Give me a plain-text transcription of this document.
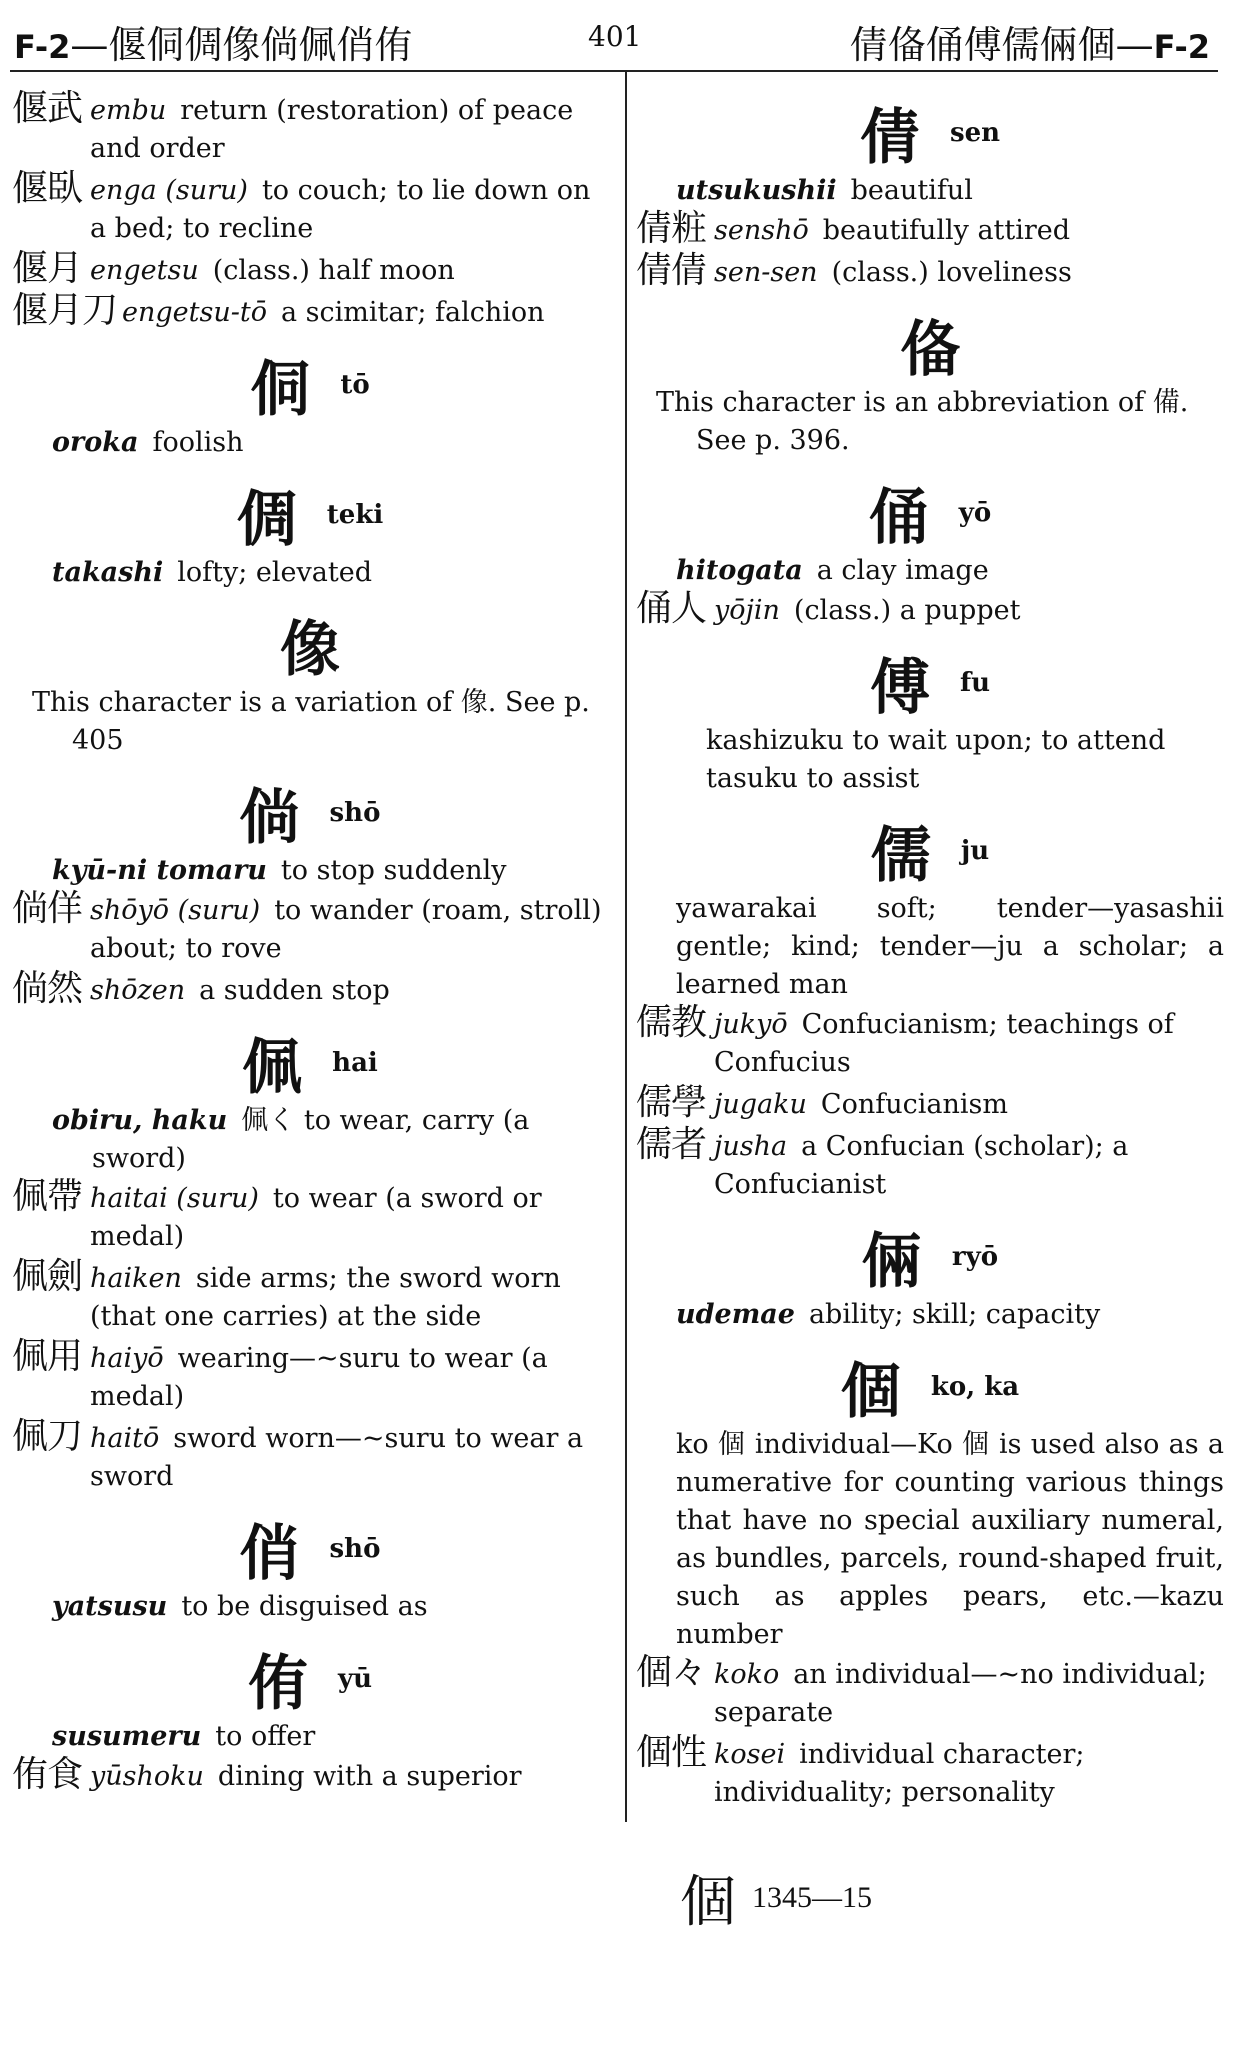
F-2—偃侗倜像倘佩俏侑	401	倩俻俑傅儒倆個—F-2
偃武 embu return (restoration) of peace and order
偃臥 enga (suru) to couch; to lie down on a bed; to recline
偃月 engetsu (class.) half moon
偃月刀 engetsu-tō a scimitar; falchion
侗 tō
oroka foolish
倜 teki
takashi lofty; elevated
像
This character is a variation of 像. See p. 405
倘 shō
kyū-ni tomaru to stop suddenly
倘佯 shōyō (suru) to wander (roam, stroll) about; to rove
倘然 shōzen a sudden stop
佩 hai
obiru, haku 佩く to wear, carry (a sword)
佩帶 haitai (suru) to wear (a sword or medal)
佩劍 haiken side arms; the sword worn (that one carries) at the side
佩用 haiyō wearing—~suru to wear (a medal)
佩刀 haitō sword worn—~suru to wear a sword
俏 shō
yatsusu to be disguised as
侑 yū
susumeru to offer
侑食 yūshoku dining with a superior
倩 sen
utsukushii beautiful
倩粧 senshō beautifully attired
倩倩 sen-sen (class.) loveliness
俻
This character is an abbreviation of 備. See p. 396.
俑 yō
hitogata a clay image
俑人 yōjin (class.) a puppet
傅 fu
kashizuku to wait upon; to attend tasuku to assist
儒 ju
yawarakai soft; tender—yasashii gentle; kind; tender—ju a scholar; a learned man
儒教 jukyō Confucianism; teachings of Confucius
儒學 jugaku Confucianism
儒者 jusha a Confucian (scholar); a Confucianist
倆 ryō
udemae ability; skill; capacity
個 ko, ka
ko 個 individual—Ko 個 is used also as a numerative for counting various things that have no special auxiliary numeral, as bundles, parcels, round-shaped fruit, such as apples pears, etc.—kazu number
個々 koko an individual—~no individual; separate
個性 kosei individual character; individuality; personality
個 1345—15
